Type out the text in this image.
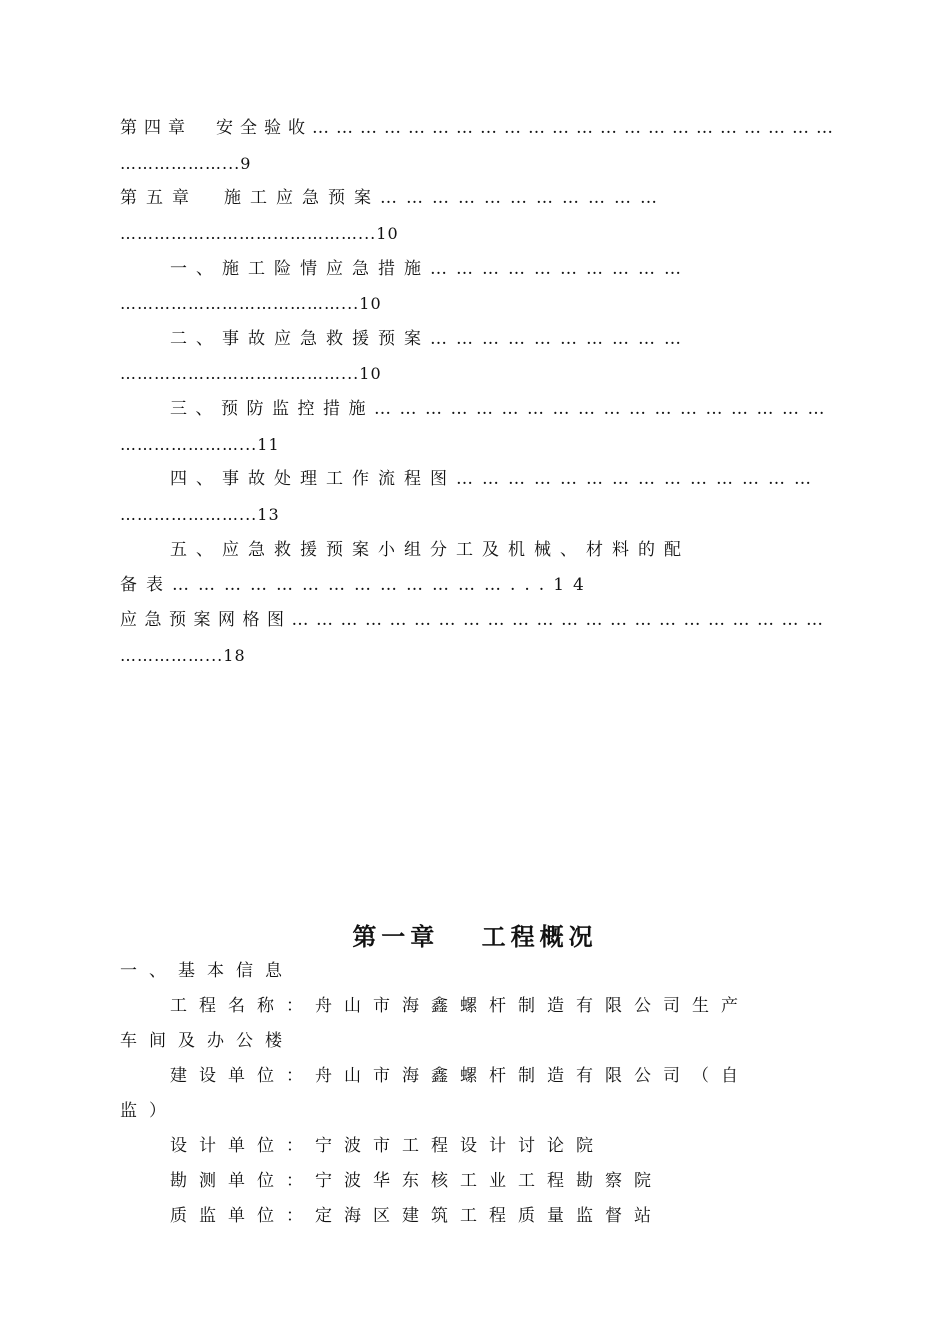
第四章　安全验收…………………………………………………………
………………...9
第五章　施工应急预案……………………………
……………………………………...10
一、施工险情应急措施…………………………
…………………………………...10
二、事故应急救援预案…………………………
…………………………………...10
三、预防监控措施………………………………………………
…………………...11
四、事故处理工作流程图……………………………………
…………………...13
五、应急救援预案小组分工及机械、材料的配
备表…………………………………...14
应急预案网格图…………………………………………………………
……………...18
第一章　 工程概况
一、基本信息
工程名称：舟山市海鑫螺杆制造有限公司生产
车间及办公楼
建设单位：舟山市海鑫螺杆制造有限公司（自
监）
设计单位：宁波市工程设计讨论院
勘测单位：宁波华东核工业工程勘察院
质监单位：定海区建筑工程质量监督站
